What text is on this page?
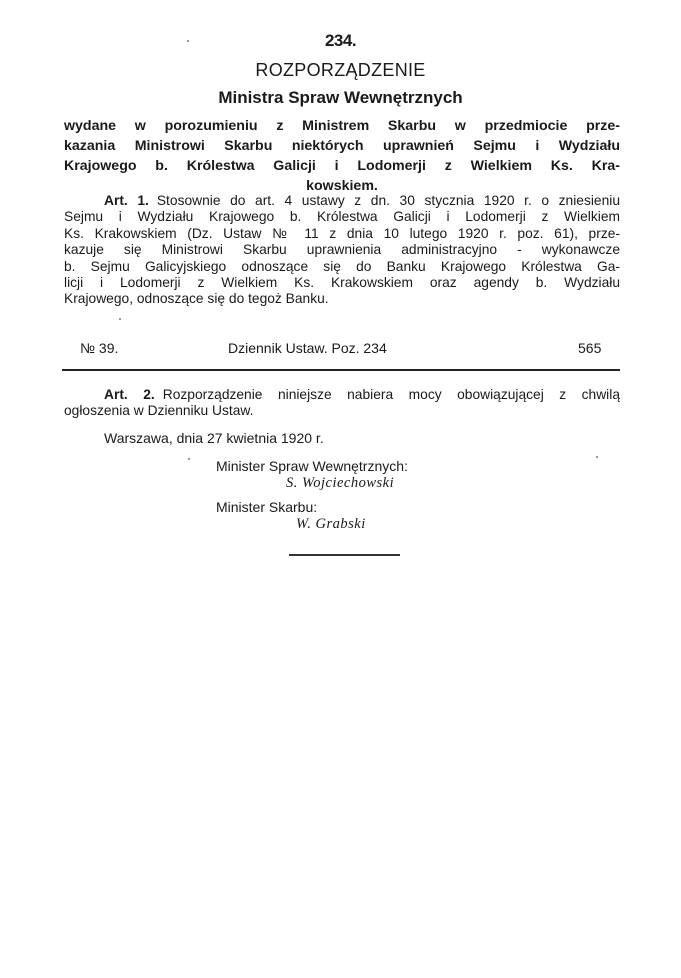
234.
ROZPORZĄDZENIE
Ministra Spraw Wewnętrznych
wydane w porozumieniu z Ministrem Skarbu w przedmiocie prze-
kazania Ministrowi Skarbu niektórych uprawnień Sejmu i Wydziału
Krajowego b. Królestwa Galicji i Lodomerji z Wielkiem Ks. Kra-
kowskiem.
Art. 1. Stosownie do art. 4 ustawy z dn. 30 stycznia 1920 r. o zniesieniu
Sejmu i Wydziału Krajowego b. Królestwa Galicji i Lodomerji z Wielkiem
Ks. Krakowskiem (Dz. Ustaw № 11 z dnia 10 lutego 1920 r. poz. 61), prze-
kazuje się Ministrowi Skarbu uprawnienia administracyjno - wykonawcze
b. Sejmu Galicyjskiego odnoszące się do Banku Krajowego Królestwa Ga-
licji i Lodomerji z Wielkiem Ks. Krakowskiem oraz agendy b. Wydziału
Krajowego, odnoszące się do tegoż Banku.
№ 39.	Dziennik Ustaw. Poz. 234	565
Art. 2. Rozporządzenie niniejsze nabiera mocy obowiązującej z chwilą
ogłoszenia w Dzienniku Ustaw.
Warszawa, dnia 27 kwietnia 1920 r.
Minister Spraw Wewnętrznych:
S. Wojciechowski
Minister Skarbu:
W. Grabski
